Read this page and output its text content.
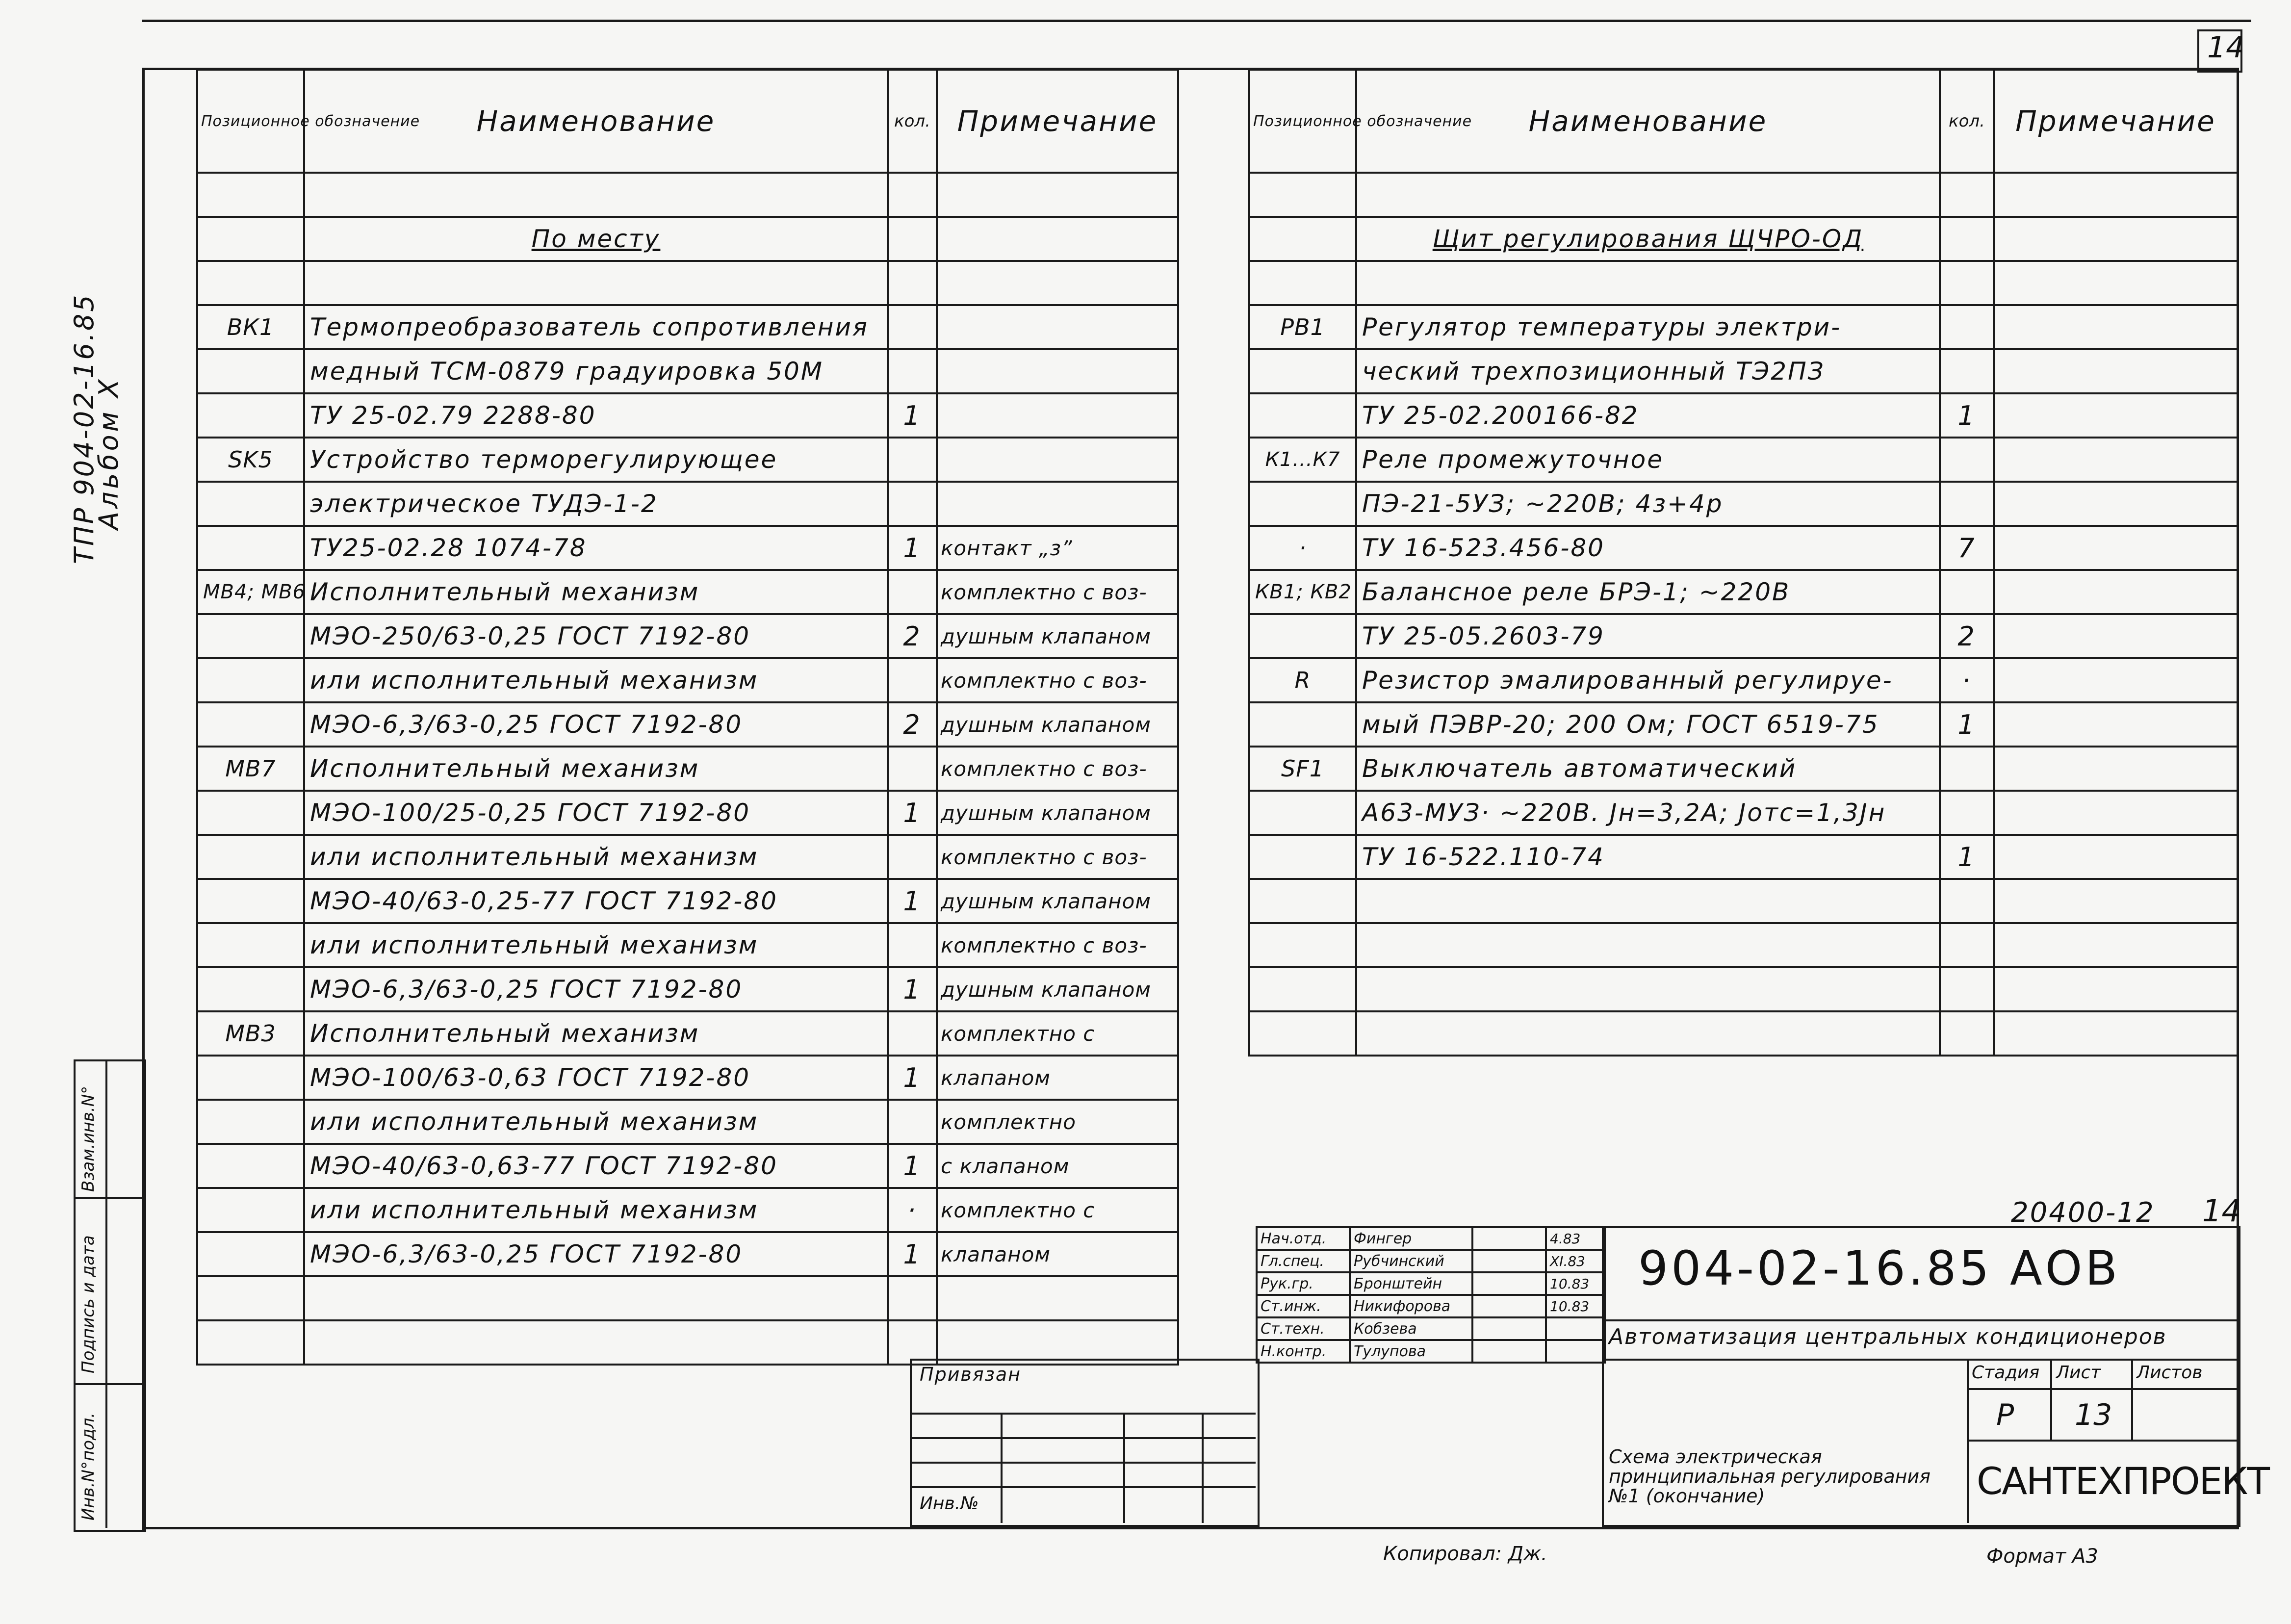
14
ТПР 904-02-16.85
Альбом X
Инв.N°подл.
Подпись и дата
Взам.инв.N°
Позиционное обозначение	Наименование	кол.	Примечание

	По месту		

ВК1	Термопреобразователь сопротивления		
	медный ТСМ-0879 градуировка 50М		
	ТУ 25-02.79 2288-80	1	
SK5	Устройство терморегулирующее		
	электрическое ТУДЭ-1-2		
	ТУ25-02.28 1074-78	1	контакт „з”
МВ4; МВ6	Исполнительный механизм		комплектно с воз-
	МЭО-250/63-0,25 ГОСТ 7192-80	2	душным клапаном
	или исполнительный механизм		комплектно с воз-
	МЭО-6,3/63-0,25 ГОСТ 7192-80	2	душным клапаном
МВ7	Исполнительный механизм		комплектно с воз-
	МЭО-100/25-0,25 ГОСТ 7192-80	1	душным клапаном
	или исполнительный механизм		комплектно с воз-
	МЭО-40/63-0,25-77 ГОСТ 7192-80	1	душным клапаном
	или исполнительный механизм		комплектно с воз-
	МЭО-6,3/63-0,25 ГОСТ 7192-80	1	душным клапаном
МВ3	Исполнительный механизм		комплектно с
	МЭО-100/63-0,63 ГОСТ 7192-80	1	клапаном
	или исполнительный механизм		комплектно
	МЭО-40/63-0,63-77 ГОСТ 7192-80	1	с клапаном
	или исполнительный механизм	·	комплектно с
	МЭО-6,3/63-0,25 ГОСТ 7192-80	1	клапаном

Позиционное обозначение	Наименование	кол.	Примечание

	Щит регулирования ЩЧРО-ОД		

РВ1	Регулятор температуры электри-		
	ческий трехпозиционный ТЭ2ПЗ		
	ТУ 25-02.200166-82	1	
К1...К7	Реле промежуточное		
	ПЭ-21-5УЗ; ~220В; 4з+4р		
·	ТУ 16-523.456-80	7	
КВ1; КВ2	Балансное реле БРЭ-1; ~220В		
	ТУ 25-05.2603-79	2	
R	Резистор эмалированный регулируе-	·	
	мый ПЭВР-20; 200 Ом; ГОСТ 6519-75	1	
SF1	Выключатель автоматический		
	А63-МУЗ· ~220В. Jн=3,2А; Jотс=1,3Jн		
	ТУ 16-522.110-74	1	

20400-12 14
Нач.отд.	Фингер		4.83
Гл.спец.	Рубчинский		XI.83
Рук.гр.	Бронштейн		10.83
Ст.инж.	Никифорова		10.83
Ст.техн.	Кобзева		
Н.контр.	Тулупова		
904-02-16.85 АОВ
Автоматизация центральных кондиционеров
Схема электрическая принципиальная регулирования №1 (окончание)
Стадия Лист Листов
Р 13
САНТЕХПРОЕКТ
Привязан
Инв.№
Копировал: Дж.	Формат А3
